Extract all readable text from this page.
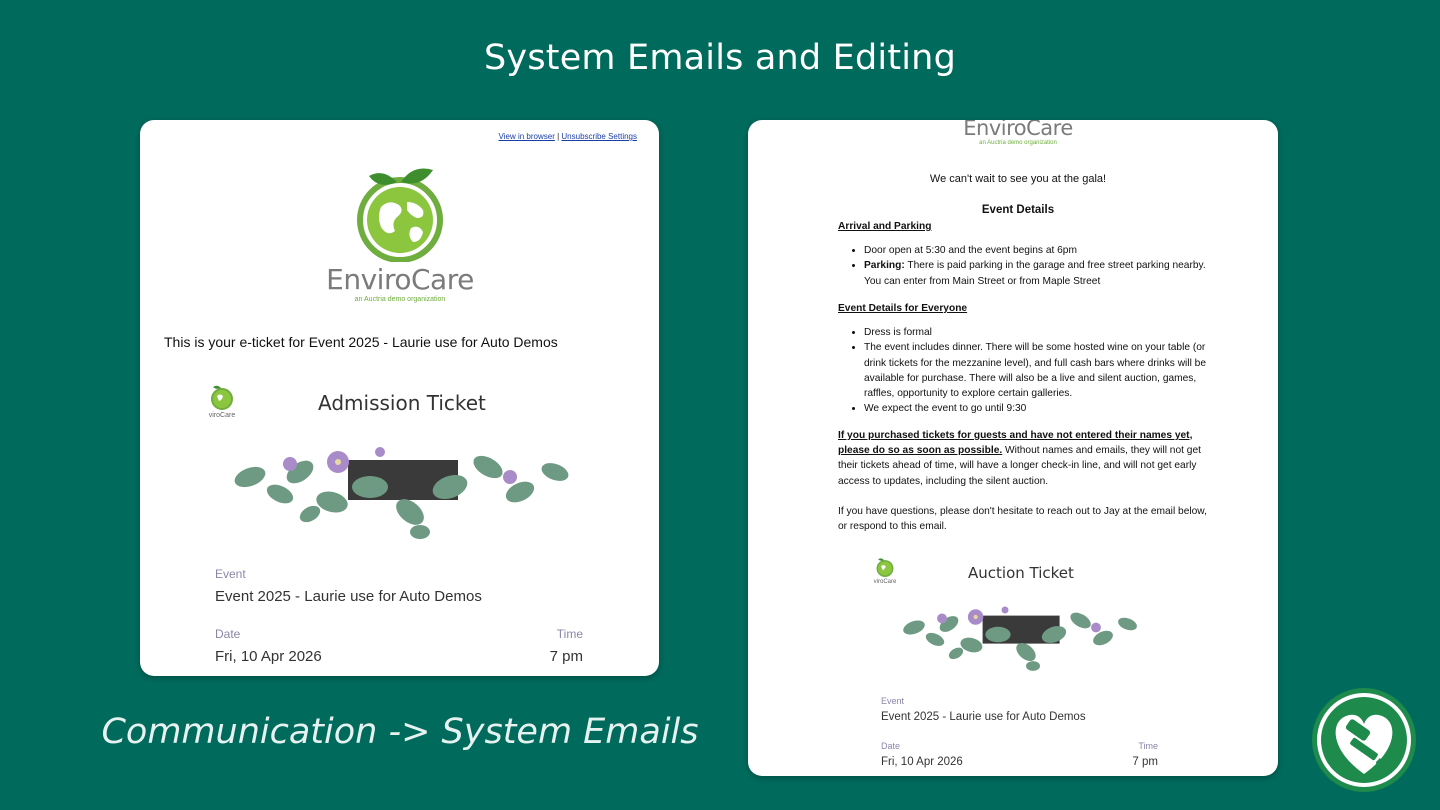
System Emails and Editing
View in browser | Unsubscribe Settings
EnviroCare
an Auctria demo organization
This is your e-ticket for Event 2025 - Laurie use for Auto Demos
viroCare
Admission Ticket
Event
Event 2025 - Laurie use for Auto Demos
Date
Fri, 10 Apr 2026
Time
7 pm
Communication -> System Emails
EnviroCare
an Auctria demo organization
We can't wait to see you at the gala!
Event Details
Arrival and Parking
• Door open at 5:30 and the event begins at 6pm
• Parking: There is paid parking in the garage and free street parking nearby. You can enter from Main Street or from Maple Street
Event Details for Everyone
• Dress is formal
• The event includes dinner. There will be some hosted wine on your table (or drink tickets for the mezzanine level), and full cash bars where drinks will be available for purchase. There will also be a live and silent auction, games, raffles, opportunity to explore certain galleries.
• We expect the event to go until 9:30
If you purchased tickets for guests and have not entered their names yet, please do so as soon as possible. Without names and emails, they will not get their tickets ahead of time, will have a longer check-in line, and will not get early access to updates, including the silent auction.
If you have questions, please don't hesitate to reach out to Jay at the email below, or respond to this email.
viroCare	Auction Ticket
Event
Event 2025 - Laurie use for Auto Demos
Date
Fri, 10 Apr 2026
Time
7 pm
